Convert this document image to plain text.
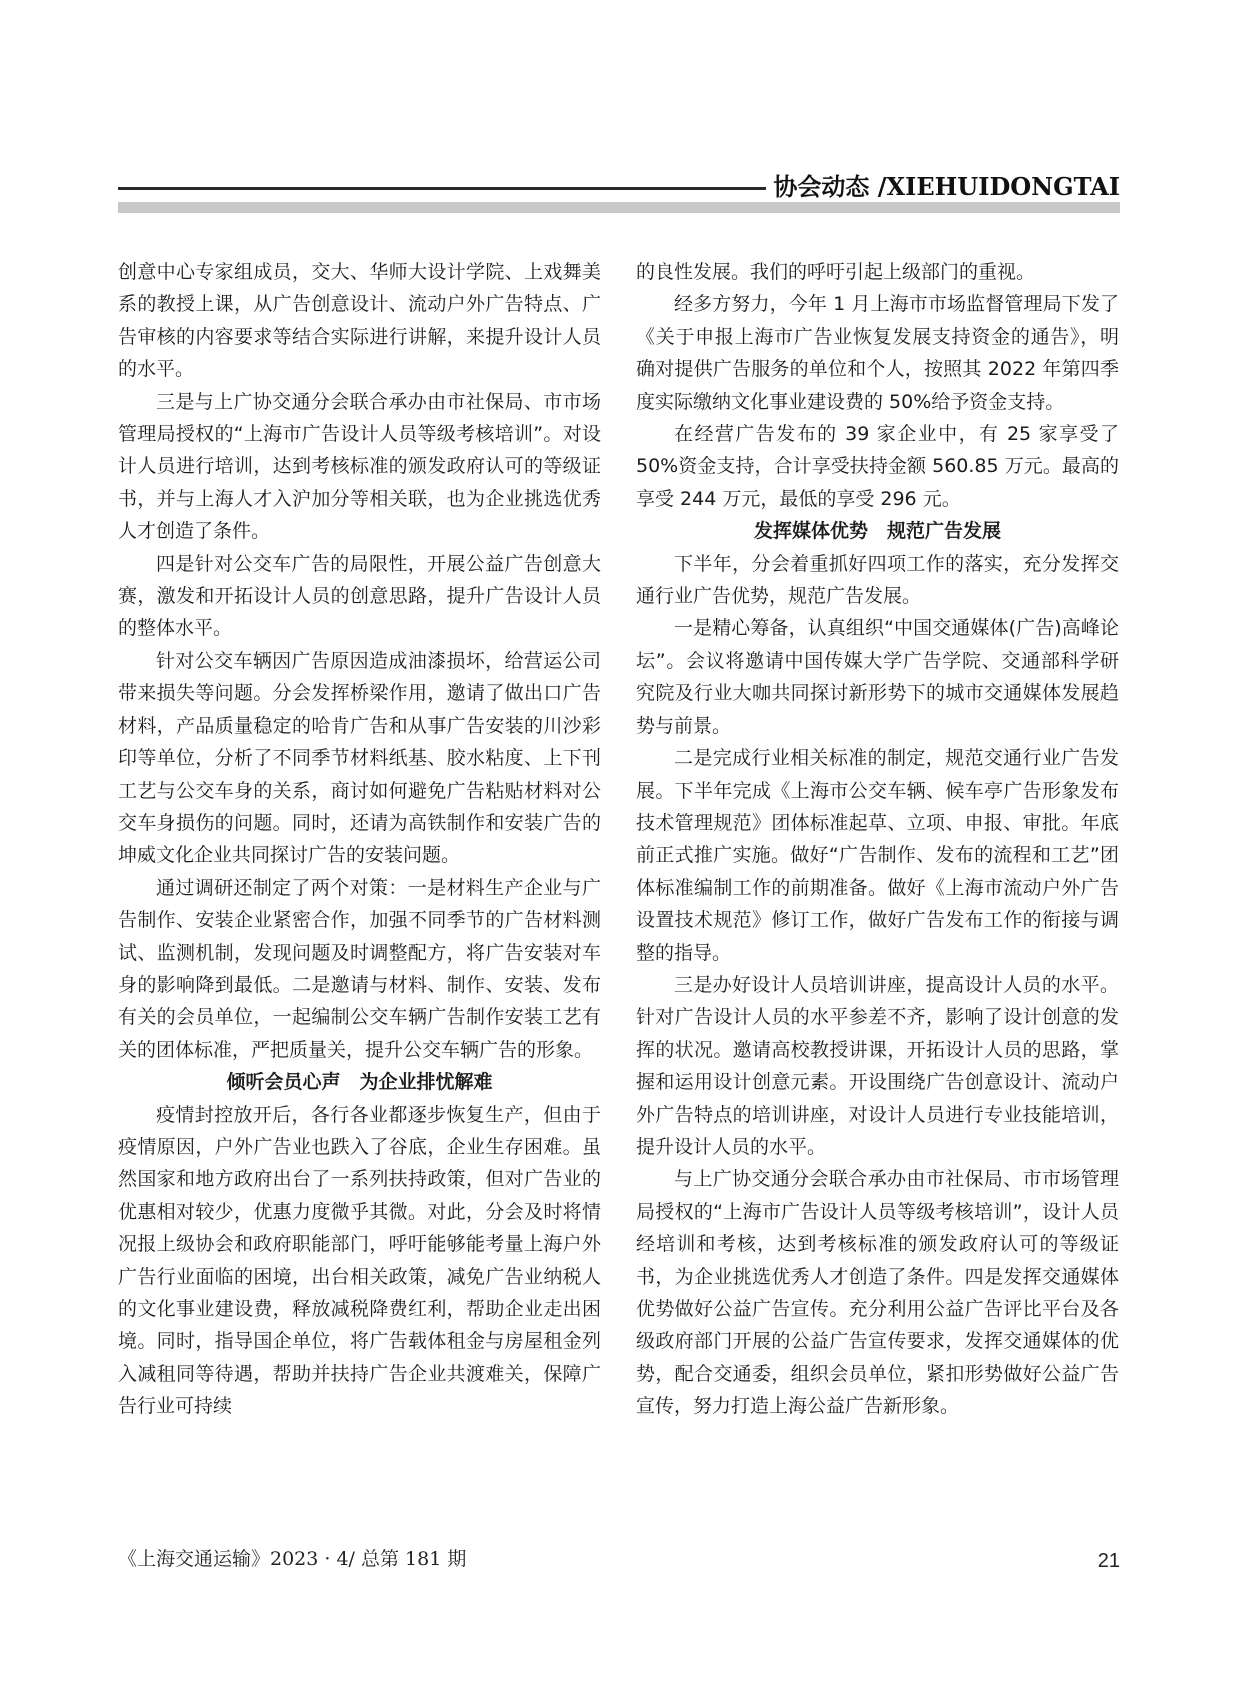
协会动态 /XIEHUIDONGTAI

创意中心专家组成员，交大、华师大设计学院、上戏舞美系的教授上课，从广告创意设计、流动户外广告特点、广告审核的内容要求等结合实际进行讲解，来提升设计人员的水平。

三是与上广协交通分会联合承办由市社保局、市市场管理局授权的“上海市广告设计人员等级考核培训”。对设计人员进行培训，达到考核标准的颁发政府认可的等级证书，并与上海人才入沪加分等相关联，也为企业挑选优秀人才创造了条件。

四是针对公交车广告的局限性，开展公益广告创意大赛，激发和开拓设计人员的创意思路，提升广告设计人员的整体水平。

针对公交车辆因广告原因造成油漆损坏，给营运公司带来损失等问题。分会发挥桥梁作用，邀请了做出口广告材料，产品质量稳定的哈肯广告和从事广告安装的川沙彩印等单位，分析了不同季节材料纸基、胶水粘度、上下刊工艺与公交车身的关系，商讨如何避免广告粘贴材料对公交车身损伤的问题。同时，还请为高铁制作和安装广告的坤威文化企业共同探讨广告的安装问题。

通过调研还制定了两个对策：一是材料生产企业与广告制作、安装企业紧密合作，加强不同季节的广告材料测试、监测机制，发现问题及时调整配方，将广告安装对车身的影响降到最低。二是邀请与材料、制作、安装、发布有关的会员单位，一起编制公交车辆广告制作安装工艺有关的团体标准，严把质量关，提升公交车辆广告的形象。

倾听会员心声　为企业排忧解难

疫情封控放开后，各行各业都逐步恢复生产，但由于疫情原因，户外广告业也跌入了谷底，企业生存困难。虽然国家和地方政府出台了一系列扶持政策，但对广告业的优惠相对较少，优惠力度微乎其微。对此，分会及时将情况报上级协会和政府职能部门，呼吁能够能考量上海户外广告行业面临的困境，出台相关政策，减免广告业纳税人的文化事业建设费，释放减税降费红利，帮助企业走出困境。同时，指导国企单位，将广告载体租金与房屋租金列入减租同等待遇，帮助并扶持广告企业共渡难关，保障广告行业可持续

的良性发展。我们的呼吁引起上级部门的重视。

经多方努力，今年 1 月上海市市场监督管理局下发了《关于申报上海市广告业恢复发展支持资金的通告》，明确对提供广告服务的单位和个人，按照其 2022 年第四季度实际缴纳文化事业建设费的 50%给予资金支持。

在经营广告发布的 39 家企业中，有 25 家享受了 50%资金支持，合计享受扶持金额 560.85 万元。最高的享受 244 万元，最低的享受 296 元。

发挥媒体优势　规范广告发展

下半年，分会着重抓好四项工作的落实，充分发挥交通行业广告优势，规范广告发展。

一是精心筹备，认真组织“中国交通媒体(广告)高峰论坛”。会议将邀请中国传媒大学广告学院、交通部科学研究院及行业大咖共同探讨新形势下的城市交通媒体发展趋势与前景。

二是完成行业相关标准的制定，规范交通行业广告发展。下半年完成《上海市公交车辆、候车亭广告形象发布技术管理规范》团体标准起草、立项、申报、审批。年底前正式推广实施。做好“广告制作、发布的流程和工艺”团体标准编制工作的前期准备。做好《上海市流动户外广告设置技术规范》修订工作，做好广告发布工作的衔接与调整的指导。

三是办好设计人员培训讲座，提高设计人员的水平。针对广告设计人员的水平参差不齐，影响了设计创意的发挥的状况。邀请高校教授讲课，开拓设计人员的思路，掌握和运用设计创意元素。开设围绕广告创意设计、流动户外广告特点的培训讲座，对设计人员进行专业技能培训，提升设计人员的水平。

与上广协交通分会联合承办由市社保局、市市场管理局授权的“上海市广告设计人员等级考核培训”，设计人员经培训和考核，达到考核标准的颁发政府认可的等级证书，为企业挑选优秀人才创造了条件。四是发挥交通媒体优势做好公益广告宣传。充分利用公益广告评比平台及各级政府部门开展的公益广告宣传要求，发挥交通媒体的优势，配合交通委，组织会员单位，紧扣形势做好公益广告宣传，努力打造上海公益广告新形象。

《上海交通运输》2023 · 4/ 总第 181 期	21
